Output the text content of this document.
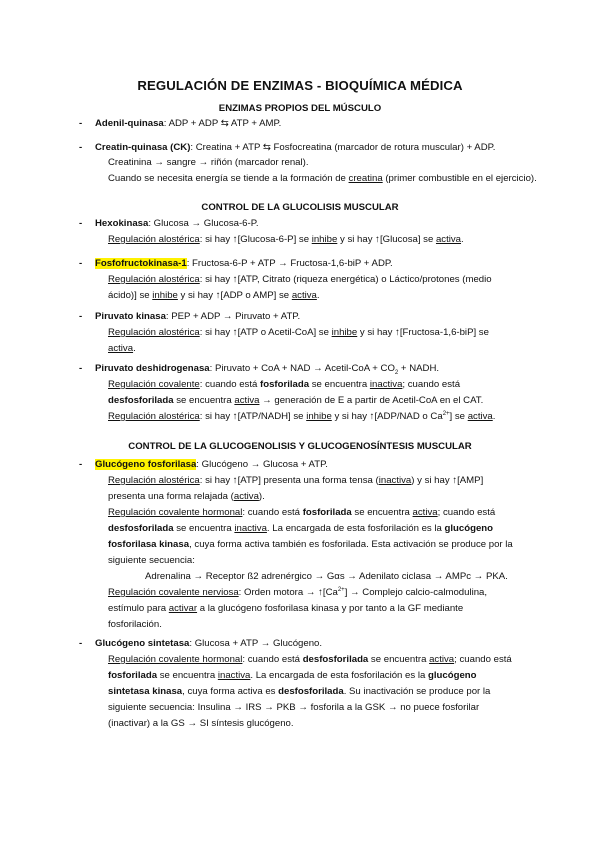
REGULACIÓN DE ENZIMAS - BIOQUÍMICA MÉDICA
ENZIMAS PROPIOS DEL MÚSCULO
- Adenil-quinasa: ADP + ADP ⇆ ATP + AMP.
- Creatin-quinasa (CK): Creatina + ATP ⇆ Fosfocreatina (marcador de rotura muscular) + ADP.
Creatinina → sangre → riñón (marcador renal).
Cuando se necesita energía se tiende a la formación de creatina (primer combustible en el ejercicio).
CONTROL DE LA GLUCOLISIS MUSCULAR
- Hexokinasa: Glucosa → Glucosa-6-P.
Regulación alostérica: si hay ↑[Glucosa-6-P] se inhibe y si hay ↑[Glucosa] se activa.
- Fosfofructokinasa-1: Fructosa-6-P + ATP → Fructosa-1,6-biP + ADP.
Regulación alostérica: si hay ↑[ATP, Citrato (riqueza energética) o Láctico/protones (medio
ácido)] se inhibe y si hay ↑[ADP o AMP] se activa.
- Piruvato kinasa: PEP + ADP → Piruvato + ATP.
Regulación alostérica: si hay ↑[ATP o Acetil-CoA] se inhibe y si hay ↑[Fructosa-1,6-biP] se
activa.
- Piruvato deshidrogenasa: Piruvato + CoA + NAD → Acetil-CoA + $CO_2$ + NADH.
Regulación covalente: cuando está fosforilada se encuentra inactiva; cuando está
desfosforilada se encuentra activa → generación de E a partir de Acetil-CoA en el CAT.
Regulación alostérica: si hay ↑[ATP/NADH] se inhibe y si hay ↑[ADP/NAD o $Ca^{2+}$] se activa.
CONTROL DE LA GLUCOGENOLISIS Y GLUCOGENOSÍNTESIS MUSCULAR
- Glucógeno fosforilasa: Glucógeno → Glucosa + ATP.
Regulación alostérica: si hay ↑[ATP] presenta una forma tensa (inactiva) y si hay ↑[AMP]
presenta una forma relajada (activa).
Regulación covalente hormonal: cuando está fosforilada se encuentra activa; cuando está
desfosforilada se encuentra inactiva. La encargada de esta fosforilación es la glucógeno
fosforilasa kinasa, cuya forma activa también es fosforilada. Esta activación se produce por la
siguiente secuencia:
Adrenalina → Receptor ß2 adrenérgico → Gαs → Adenilato ciclasa → AMPc → PKA.
Regulación covalente nerviosa: Orden motora → $↑[Ca^{2+}]$ → Complejo calcio-calmodulina,
estímulo para activar a la glucógeno fosforilasa kinasa y por tanto a la GF mediante
fosforilación.
- Glucógeno sintetasa: Glucosa + ATP → Glucógeno.
Regulación covalente hormonal: cuando está desfosforilada se encuentra activa; cuando está
fosforilada se encuentra inactiva. La encargada de esta fosforilación es la glucógeno
sintetasa kinasa, cuya forma activa es desfosforilada. Su inactivación se produce por la
siguiente secuencia: Insulina → IRS → PKB → fosforila a la GSK → no puece fosforilar
(inactivar) a la GS → SI síntesis glucógeno.
